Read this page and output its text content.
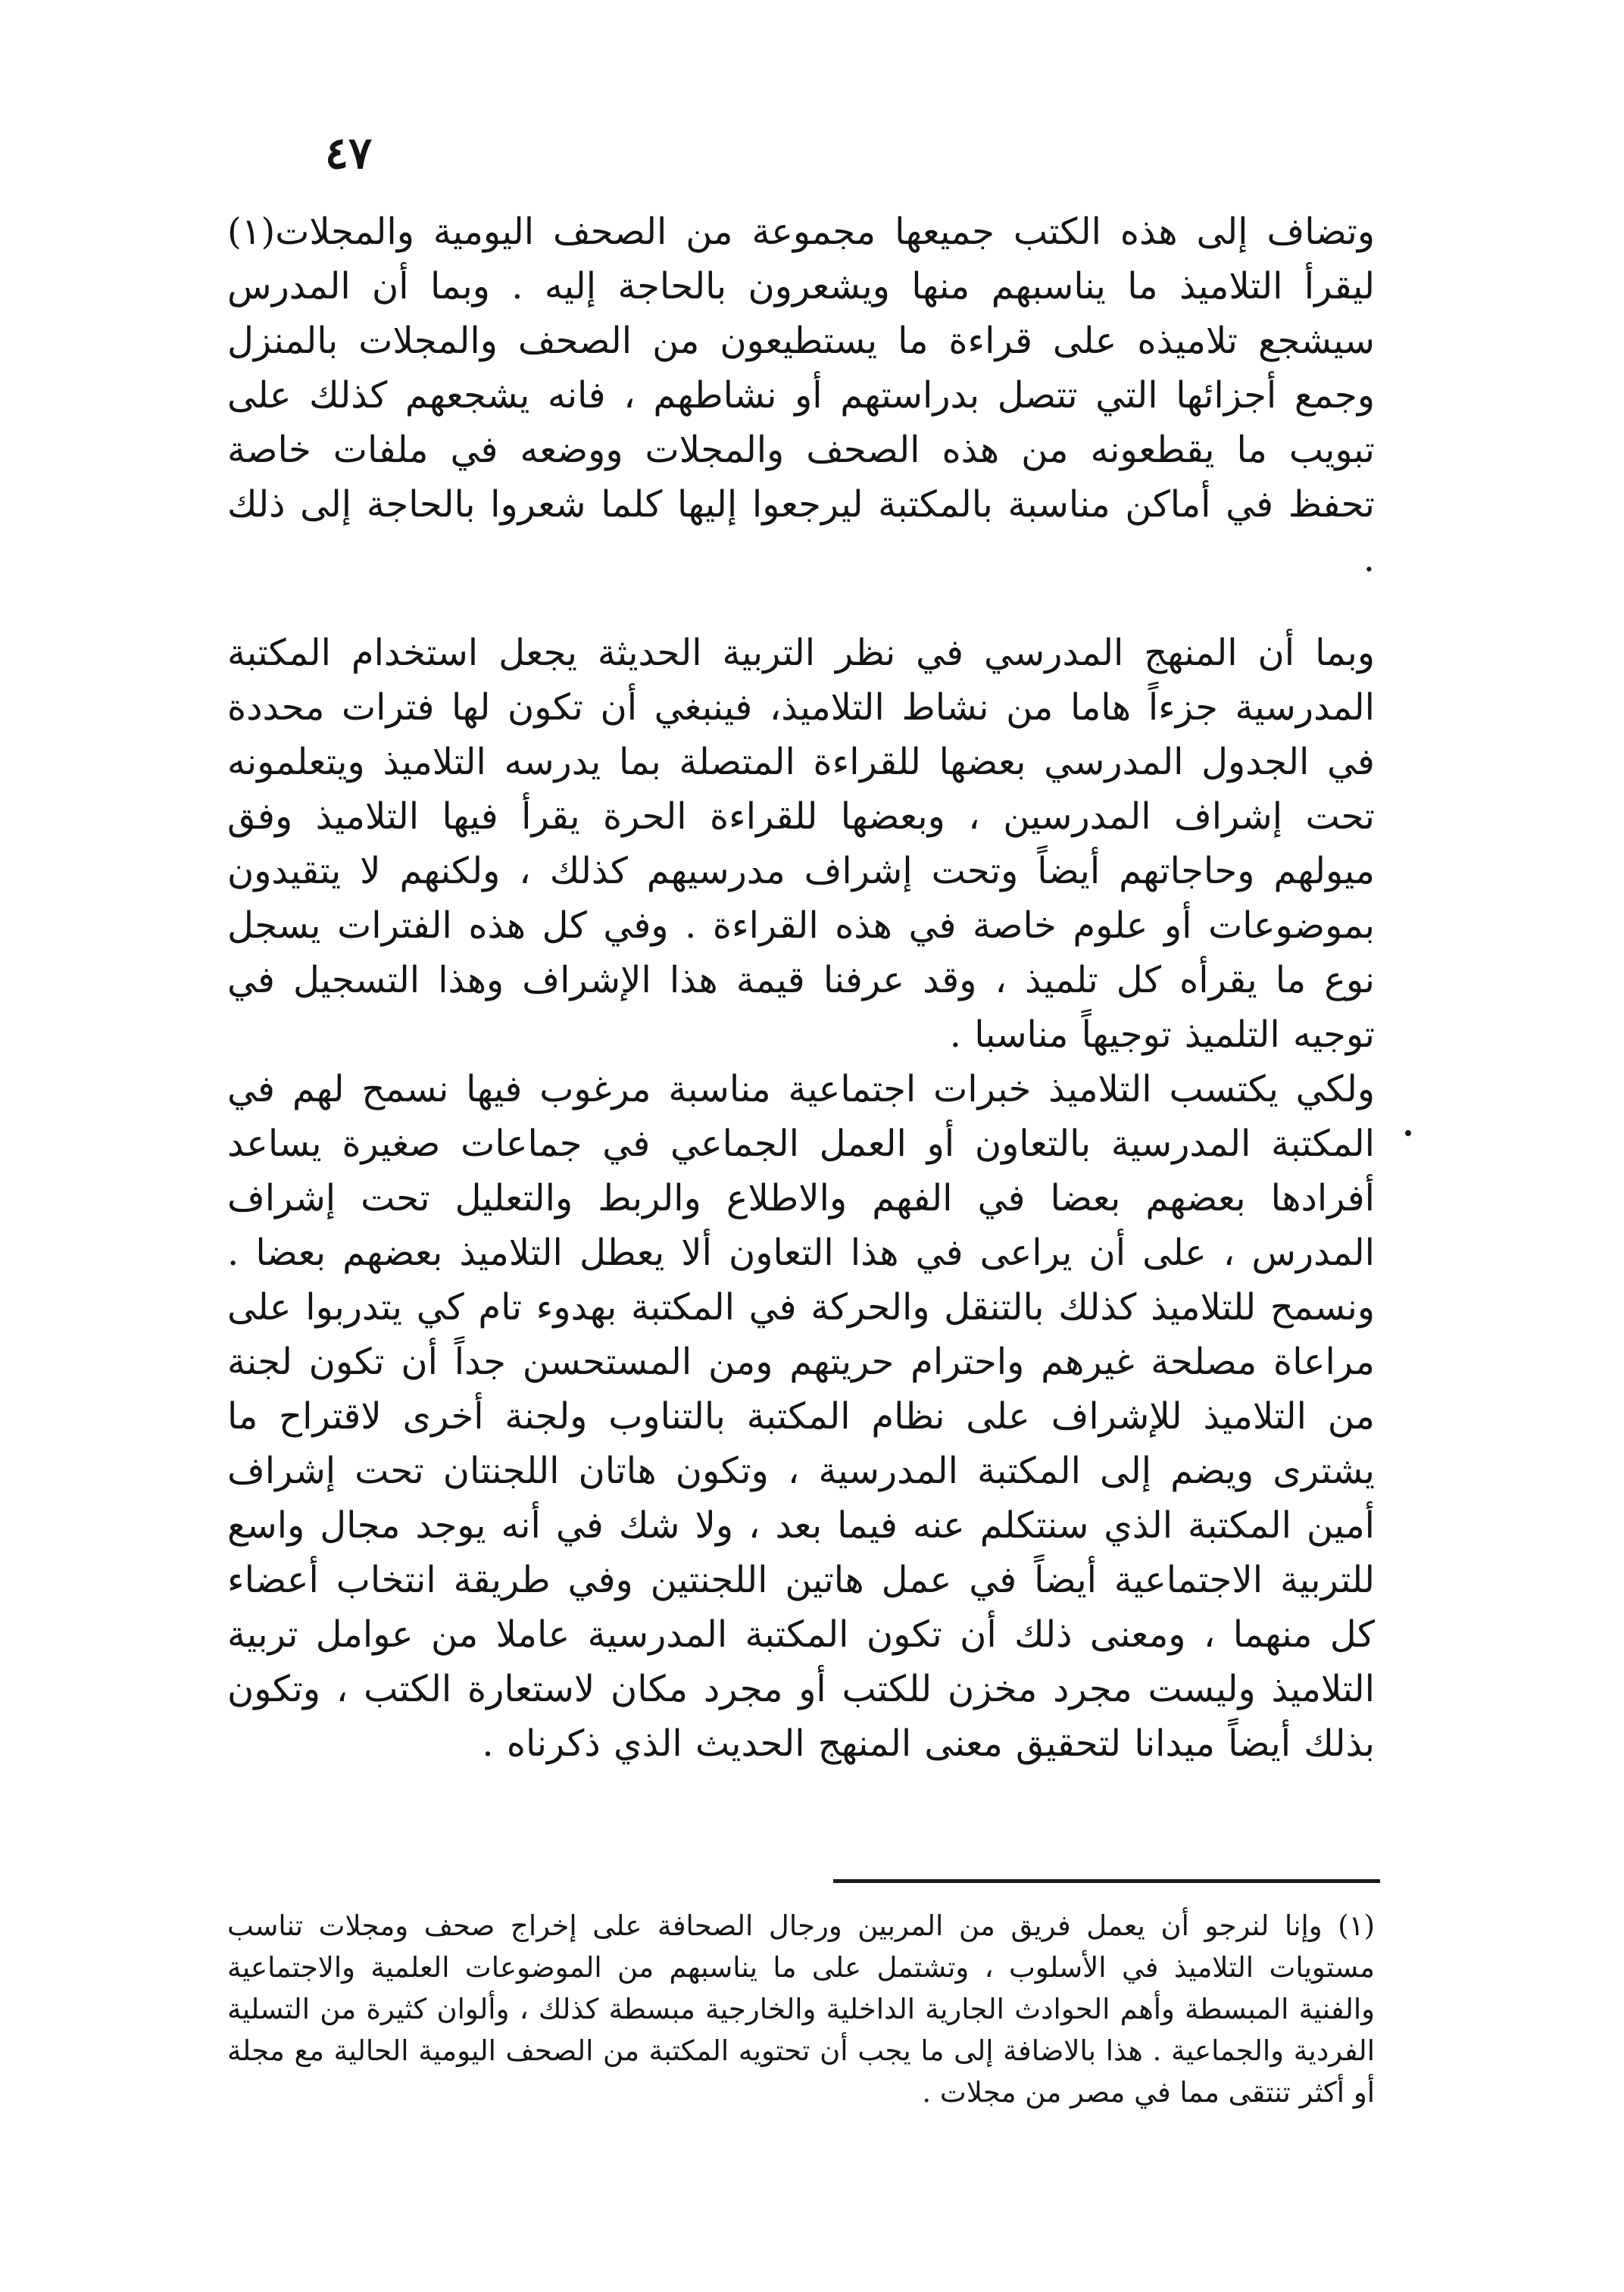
٤٧

وتضاف إلى هذه الكتب جميعها مجموعة من الصحف اليومية والمجلات(١) ليقرأ التلاميذ ما يناسبهم منها ويشعرون بالحاجة إليه . وبما أن المدرس سيشجع تلاميذه على قراءة ما يستطيعون من الصحف والمجلات بالمنزل وجمع أجزائها التي تتصل بدراستهم أو نشاطهم ، فانه يشجعهم كذلك على تبويب ما يقطعونه من هذه الصحف والمجلات ووضعه في ملفات خاصة تحفظ في أماكن مناسبة بالمكتبة ليرجعوا إليها كلما شعروا بالحاجة إلى ذلك .

وبما أن المنهج المدرسي في نظر التربية الحديثة يجعل استخدام المكتبة المدرسية جزءاً هاما من نشاط التلاميذ، فينبغي أن تكون لها فترات محددة في الجدول المدرسي بعضها للقراءة المتصلة بما يدرسه التلاميذ ويتعلمونه تحت إشراف المدرسين ، وبعضها للقراءة الحرة يقرأ فيها التلاميذ وفق ميولهم وحاجاتهم أيضاً وتحت إشراف مدرسيهم كذلك ، ولكنهم لا يتقيدون بموضوعات أو علوم خاصة في هذه القراءة . وفي كل هذه الفترات يسجل نوع ما يقرأه كل تلميذ ، وقد عرفنا قيمة هذا الإشراف وهذا التسجيل في توجيه التلميذ توجيهاً مناسبا .

ولكي يكتسب التلاميذ خبرات اجتماعية مناسبة مرغوب فيها نسمح لهم في المكتبة المدرسية بالتعاون أو العمل الجماعي في جماعات صغيرة يساعد أفرادها بعضهم بعضا في الفهم والاطلاع والربط والتعليل تحت إشراف المدرس ، على أن يراعى في هذا التعاون ألا يعطل التلاميذ بعضهم بعضا . ونسمح للتلاميذ كذلك بالتنقل والحركة في المكتبة بهدوء تام كي يتدربوا على مراعاة مصلحة غيرهم واحترام حريتهم ومن المستحسن جداً أن تكون لجنة من التلاميذ للإشراف على نظام المكتبة بالتناوب ولجنة أخرى لاقتراح ما يشترى ويضم إلى المكتبة المدرسية ، وتكون هاتان اللجنتان تحت إشراف أمين المكتبة الذي سنتكلم عنه فيما بعد ، ولا شك في أنه يوجد مجال واسع للتربية الاجتماعية أيضاً في عمل هاتين اللجنتين وفي طريقة انتخاب أعضاء كل منهما ، ومعنى ذلك أن تكون المكتبة المدرسية عاملا من عوامل تربية التلاميذ وليست مجرد مخزن للكتب أو مجرد مكان لاستعارة الكتب ، وتكون بذلك أيضاً ميدانا لتحقيق معنى المنهج الحديث الذي ذكرناه .

(١) وإنا لنرجو أن يعمل فريق من المربين ورجال الصحافة على إخراج صحف ومجلات تناسب مستويات التلاميذ في الأسلوب ، وتشتمل على ما يناسبهم من الموضوعات العلمية والاجتماعية والفنية المبسطة وأهم الحوادث الجارية الداخلية والخارجية مبسطة كذلك ، وألوان كثيرة من التسلية الفردية والجماعية . هذا بالاضافة إلى ما يجب أن تحتويه المكتبة من الصحف اليومية الحالية مع مجلة أو أكثر تنتقى مما في مصر من مجلات .
